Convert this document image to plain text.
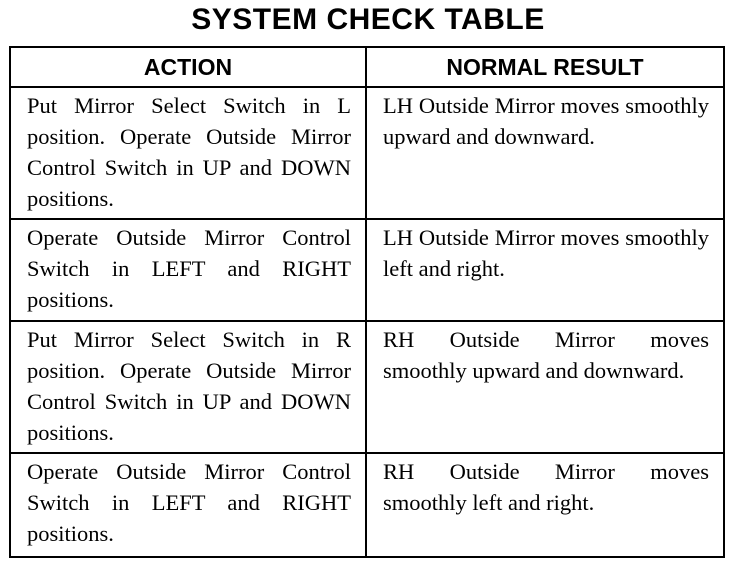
SYSTEM CHECK TABLE
ACTION	NORMAL RESULT
Put Mirror Select Switch in L position. Operate Outside Mirror Control Switch in UP and DOWN positions.	LH Outside Mirror moves smoothly upward and downward.
Operate Outside Mirror Control Switch in LEFT and RIGHT positions.	LH Outside Mirror moves smoothly left and right.
Put Mirror Select Switch in R position. Operate Outside Mirror Control Switch in UP and DOWN positions.	RH Outside Mirror moves smoothly upward and downward.
Operate Outside Mirror Control Switch in LEFT and RIGHT positions.	RH Outside Mirror moves smoothly left and right.
